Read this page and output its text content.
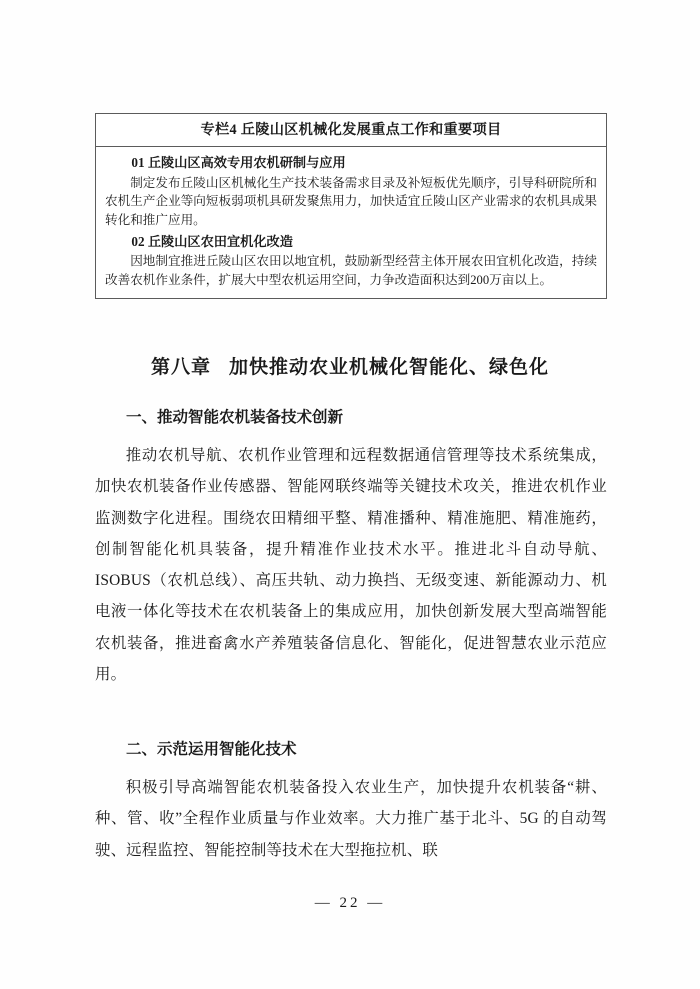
专栏4 丘陵山区机械化发展重点工作和重要项目

01 丘陵山区高效专用农机研制与应用

制定发布丘陵山区机械化生产技术装备需求目录及补短板优先顺序，引导科研院所和农机生产企业等向短板弱项机具研发聚焦用力，加快适宜丘陵山区产业需求的农机具成果转化和推广应用。

02 丘陵山区农田宜机化改造

因地制宜推进丘陵山区农田以地宜机，鼓励新型经营主体开展农田宜机化改造，持续改善农机作业条件，扩展大中型农机运用空间，力争改造面积达到200万亩以上。

第八章 加快推动农业机械化智能化、绿色化

一、推动智能农机装备技术创新

推动农机导航、农机作业管理和远程数据通信管理等技术系统集成，加快农机装备作业传感器、智能网联终端等关键技术攻关，推进农机作业监测数字化进程。围绕农田精细平整、精准播种、精准施肥、精准施药，创制智能化机具装备，提升精准作业技术水平。推进北斗自动导航、ISOBUS（农机总线）、高压共轨、动力换挡、无级变速、新能源动力、机电液一体化等技术在农机装备上的集成应用，加快创新发展大型高端智能农机装备，推进畜禽水产养殖装备信息化、智能化，促进智慧农业示范应用。

二、示范运用智能化技术

积极引导高端智能农机装备投入农业生产，加快提升农机装备“耕、种、管、收”全程作业质量与作业效率。大力推广基于北斗、5G 的自动驾驶、远程监控、智能控制等技术在大型拖拉机、联

— 22 —
